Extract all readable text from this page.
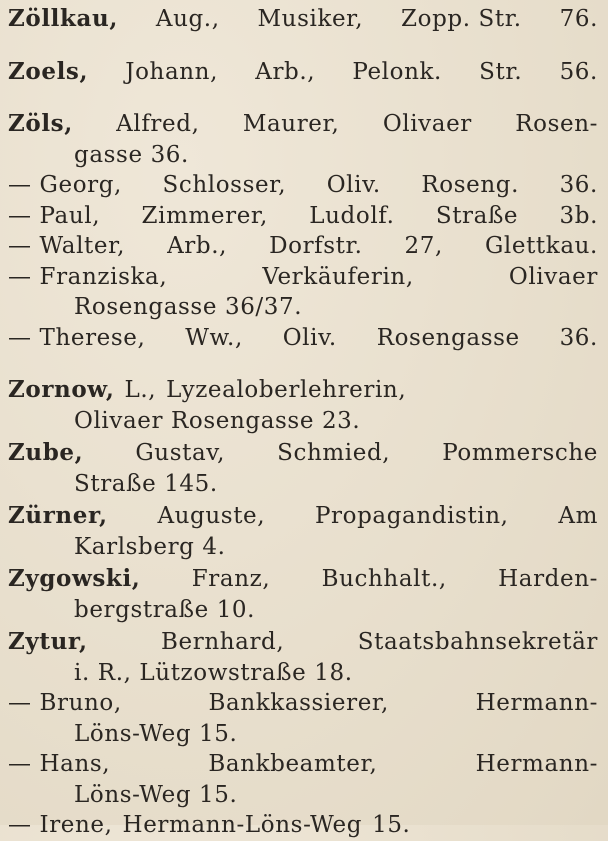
Zöllkau, Aug., Musiker, Zopp. Str. 76.
Zoels, Johann, Arb., Pelonk. Str. 56.
Zöls, Alfred, Maurer, Olivaer Rosen-
gasse 36.
— Georg, Schlosser, Oliv. Roseng. 36.
— Paul, Zimmerer, Ludolf. Straße 3b.
— Walter, Arb., Dorfstr. 27, Glettkau.
— Franziska,	Verkäuferin,	Olivaer
Rosengasse 36/37.
— Therese, Ww., Oliv. Rosengasse 36.
Zornow, L., Lyzealoberlehrerin,
Olivaer Rosengasse 23.
Zube, Gustav, Schmied, Pommersche
Straße 145.
Zürner, Auguste, Propagandistin, Am
Karlsberg 4.
Zygowski, Franz, Buchhalt., Harden-
bergstraße 10.
Zytur,	Bernhard,	Staatsbahnsekretär
i. R., Lützowstraße 18.
— Bruno,	Bankkassierer,	Hermann-
Löns-Weg 15.
— Hans,	Bankbeamter,	Hermann-
Löns-Weg 15.
— Irene, Hermann-Löns-Weg 15.
